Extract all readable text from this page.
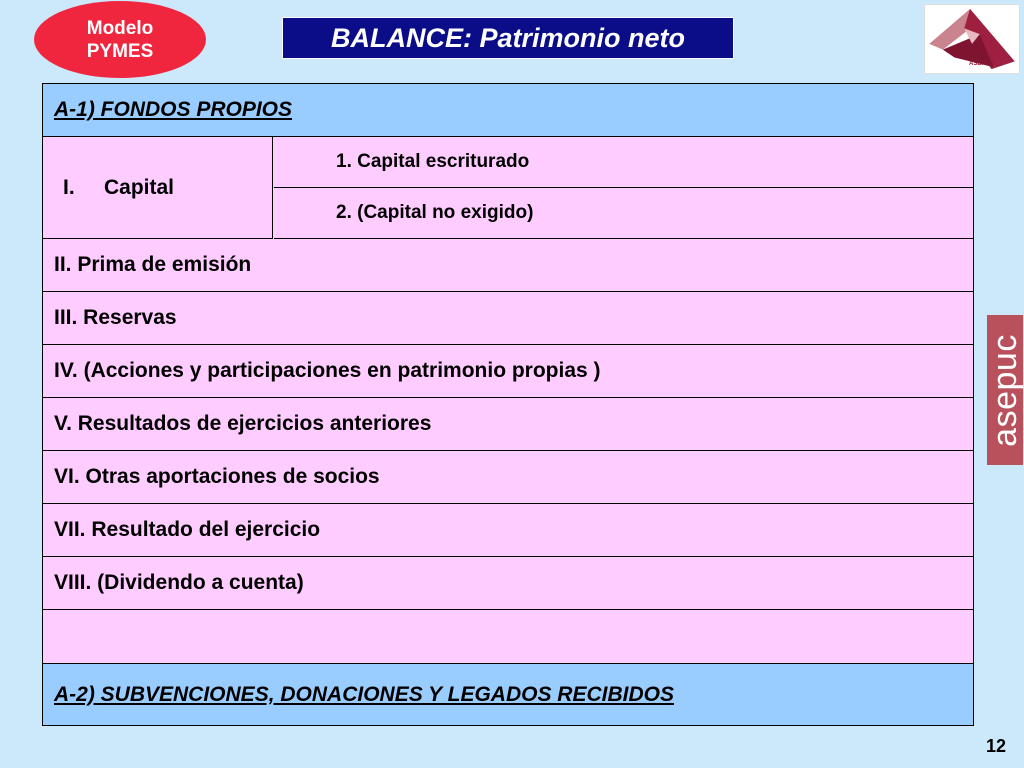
Modelo
PYMES	BALANCE: Patrimonio neto
ASEPUC
asepuc
A-1) FONDOS PROPIOS
I.	Capital
1. Capital escriturado
2. (Capital no exigido)
II. Prima de emisión
III. Reservas
IV. (Acciones y participaciones en patrimonio propias )
V. Resultados de ejercicios anteriores
VI. Otras aportaciones de socios
VII. Resultado del ejercicio
VIII. (Dividendo a cuenta)
A-2) SUBVENCIONES, DONACIONES Y LEGADOS RECIBIDOS
12
